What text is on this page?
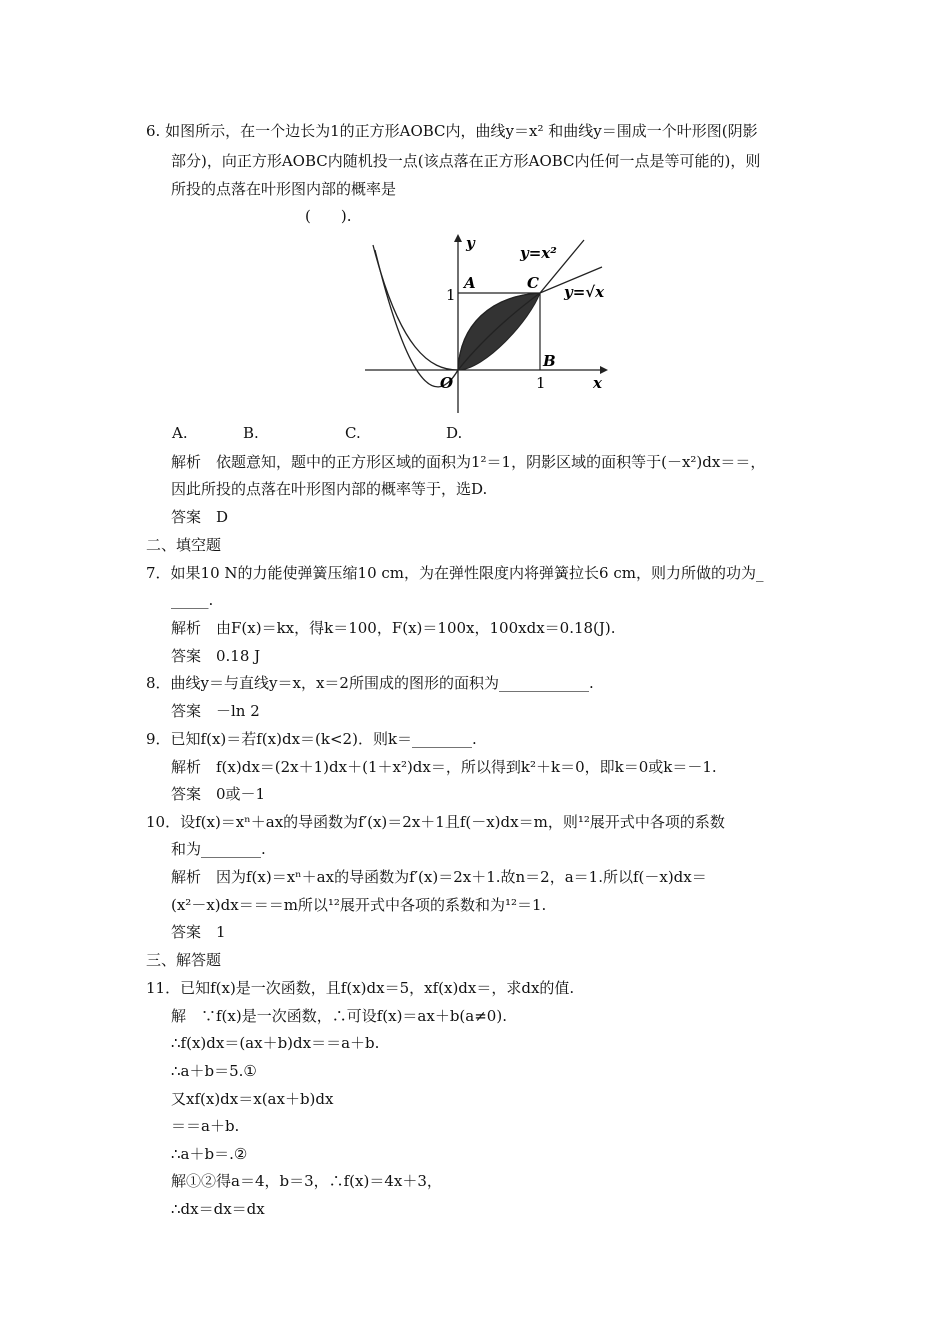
6. 如图所示，在一个边长为1的正方形AOBC内，曲线y＝x² 和曲线y＝围成一个叶形图(阴影
部分)，向正方形AOBC内随机投一点(该点落在正方形AOBC内任何一点是等可能的)，则
所投的点落在叶形图内部的概率是
(　　).
y
x
O
A
B
C
1
1
y=x²
y=√x
A.	B.	C.	D.
解析　依题意知，题中的正方形区域的面积为1²＝1，阴影区域的面积等于(－x²)dx＝＝，
因此所投的点落在叶形图内部的概率等于，选D.
答案　D
二、填空题
7．如果10 N的力能使弹簧压缩10 cm，为在弹性限度内将弹簧拉长6 cm，则力所做的功为_
_____.
解析　由F(x)＝kx，得k＝100，F(x)＝100x，100xdx＝0.18(J).
答案　0.18 J
8．曲线y＝与直线y＝x，x＝2所围成的图形的面积为____________.
答案　－ln 2
9．已知f(x)＝若f(x)dx＝(k<2)．则k＝________.
解析　f(x)dx＝(2x＋1)dx＋(1＋x²)dx＝，所以得到k²＋k＝0，即k＝0或k＝－1.
答案　0或－1
10．设f(x)＝xⁿ＋ax的导函数为f′(x)＝2x＋1且f(－x)dx＝m，则¹²展开式中各项的系数
和为________.
解析　因为f(x)＝xⁿ＋ax的导函数为f′(x)＝2x＋1.故n＝2，a＝1.所以f(－x)dx＝
(x²－x)dx＝＝＝m所以¹²展开式中各项的系数和为¹²＝1.
答案　1
三、解答题
11．已知f(x)是一次函数，且f(x)dx＝5，xf(x)dx＝，求dx的值.
解　∵f(x)是一次函数，∴可设f(x)＝ax＋b(a≠0).
∴f(x)dx＝(ax＋b)dx＝＝a＋b.
∴a＋b＝5.①
又xf(x)dx＝x(ax＋b)dx
＝＝a＋b.
∴a＋b＝.②
解①②得a＝4，b＝3，∴f(x)＝4x＋3，
∴dx＝dx＝dx
